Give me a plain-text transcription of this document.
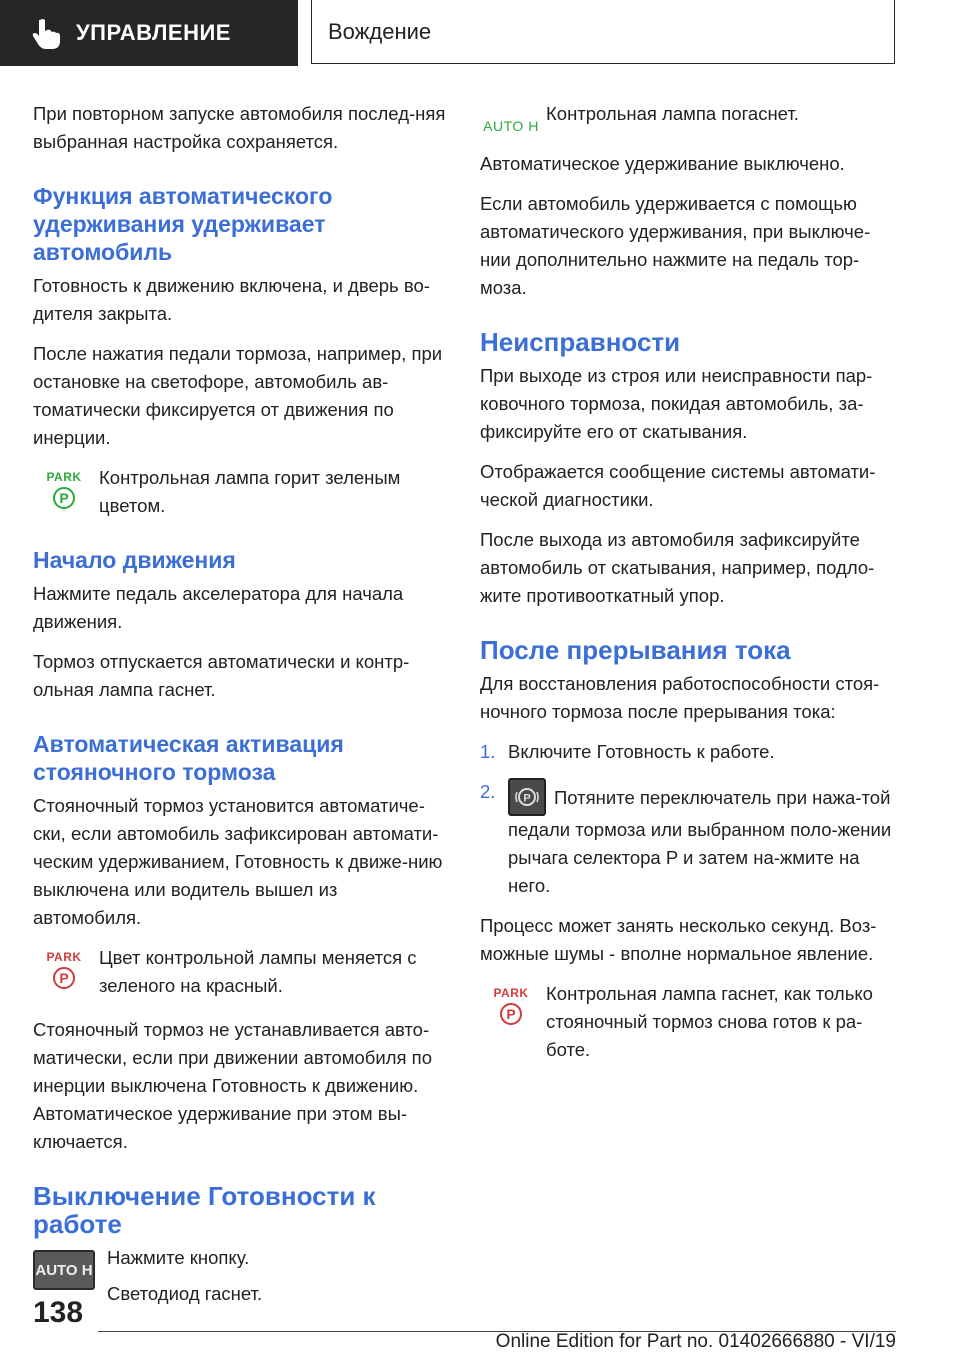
УПРАВЛЕНИЕ	Вождение

При повторном запуске автомобиля послед-няя выбранная настройка сохраняется.

Функция автоматического удерживания удерживает автомобиль

Готовность к движению включена, и дверь во-дителя закрыта.

После нажатия педали тормоза, например, при остановке на светофоре, автомобиль ав-томатически фиксируется от движения по инерции.

PARK
P

Контрольная лампа горит зеленым цветом.

Начало движения

Нажмите педаль акселератора для начала движения.

Тормоз отпускается автоматически и контр-ольная лампа гаснет.

Автоматическая активация стояночного тормоза

Стояночный тормоз установится автоматиче-ски, если автомобиль зафиксирован автомати-ческим удерживанием, Готовность к движе-нию выключена или водитель вышел из автомобиля.

PARK
P

Цвет контрольной лампы меняется с зеленого на красный.

Стояночный тормоз не устанавливается авто-матически, если при движении автомобиля по инерции выключена Готовность к движению. Автоматическое удерживание при этом вы-ключается.

Выключение Готовности к работе
AUTO H

Нажмите кнопку.

Светодиод гаснет.

AUTO H

Контрольная лампа погаснет.

Автоматическое удерживание выключено.

Если автомобиль удерживается с помощью автоматического удерживания, при выключе-нии дополнительно нажмите на педаль тор-моза.

Неисправности

При выходе из строя или неисправности пар-ковочного тормоза, покидая автомобиль, за-фиксируйте его от скатывания.

Отображается сообщение системы автомати-ческой диагностики.

После выхода из автомобиля зафиксируйте автомобиль от скатывания, например, подло-жите противооткатный упор.

После прерывания тока

Для восстановления работоспособности стоя-ночного тормоза после прерывания тока:

1. Включите Готовность к работе.
2.	P Потяните переключатель при нажа-той педали тормоза или выбранном поло-жении рычага селектора P и затем на-жмите на него.

Процесс может занять несколько секунд. Воз-можные шумы - вполне нормальное явление.

PARK
P

Контрольная лампа гаснет, как только стояночный тормоз снова готов к ра-боте.

138
Online Edition for Part no. 01402666880 - VI/19
